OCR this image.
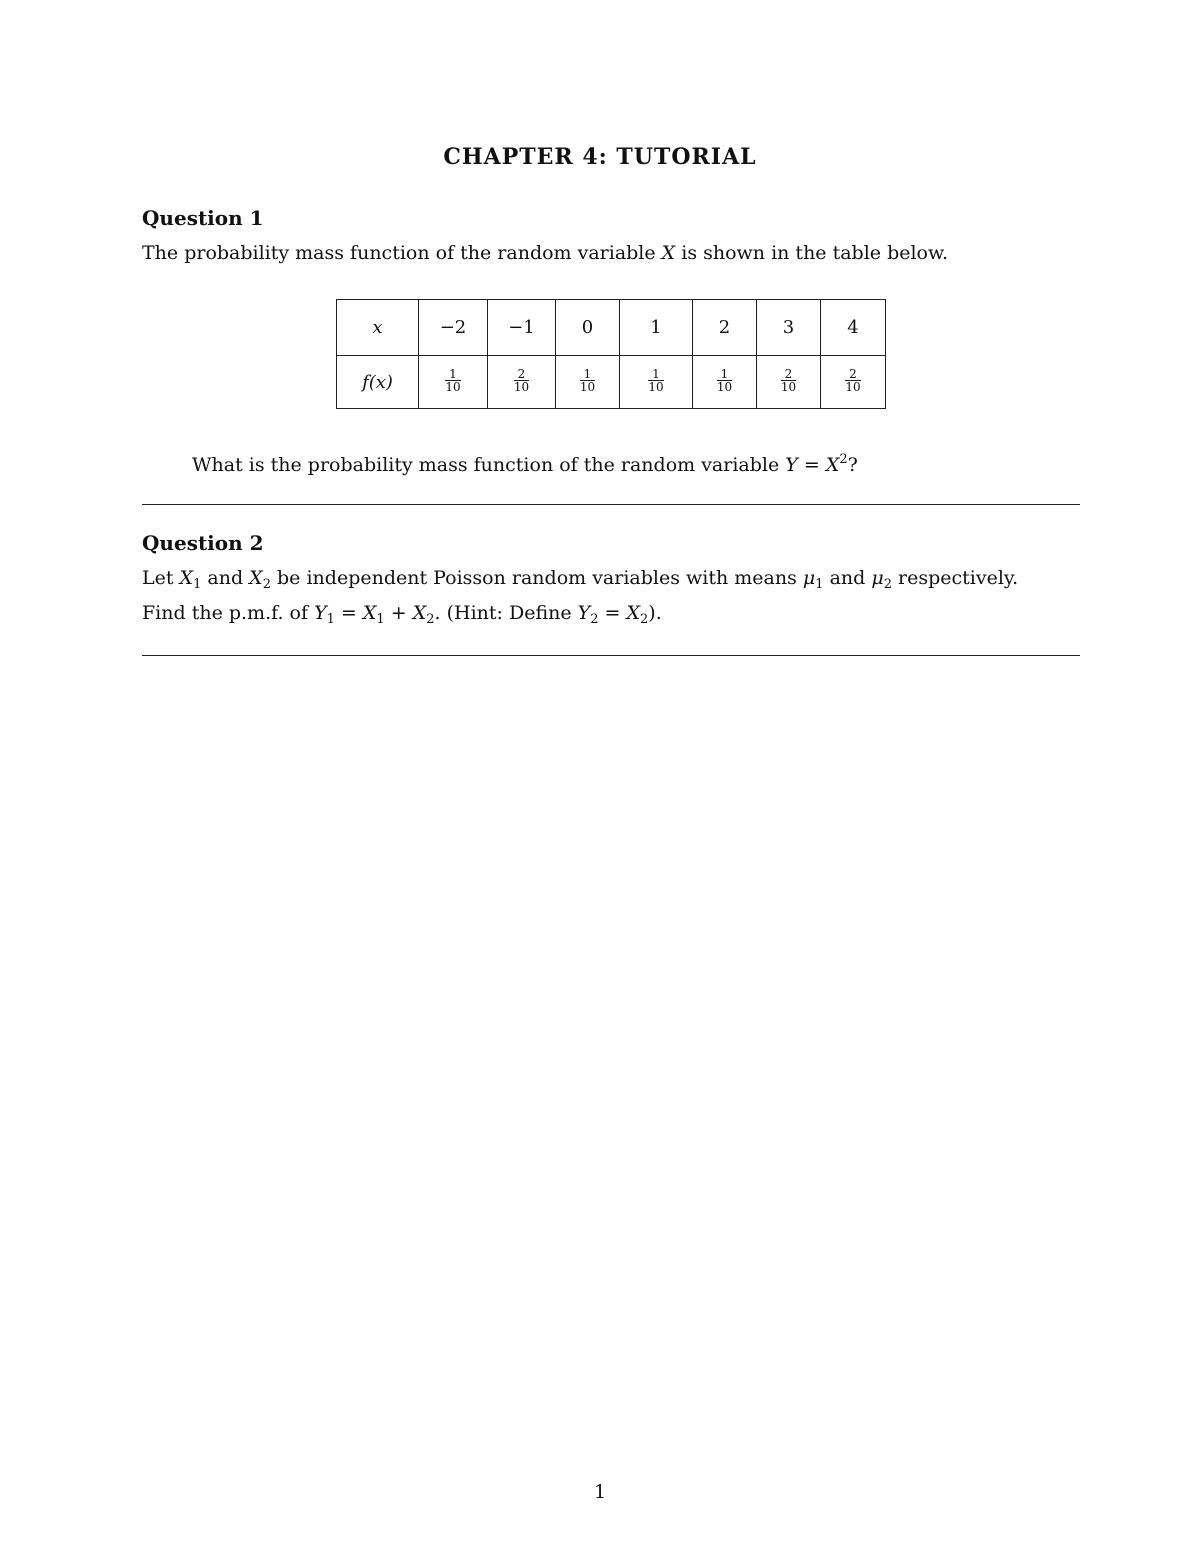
CHAPTER 4: TUTORIAL
Question 1
The probability mass function of the random variable X is shown in the table below.
x	−2	−1	0	1	2	3	4
f(x)	$\frac{1}{10}$	$\frac{2}{10}$	$\frac{1}{10}$	$\frac{1}{10}$	$\frac{1}{10}$	$\frac{2}{10}$	$\frac{2}{10}$
What is the probability mass function of the random variable $Y = X^2$?
Question 2
Let $X_1$ and $X_2$ be independent Poisson random variables with means $\mu_1$ and $\mu_2$ respectively.
Find the p.m.f. of $Y_1 = X_1 + X_2$. (Hint: Define $Y_2 = X_2$).
1
